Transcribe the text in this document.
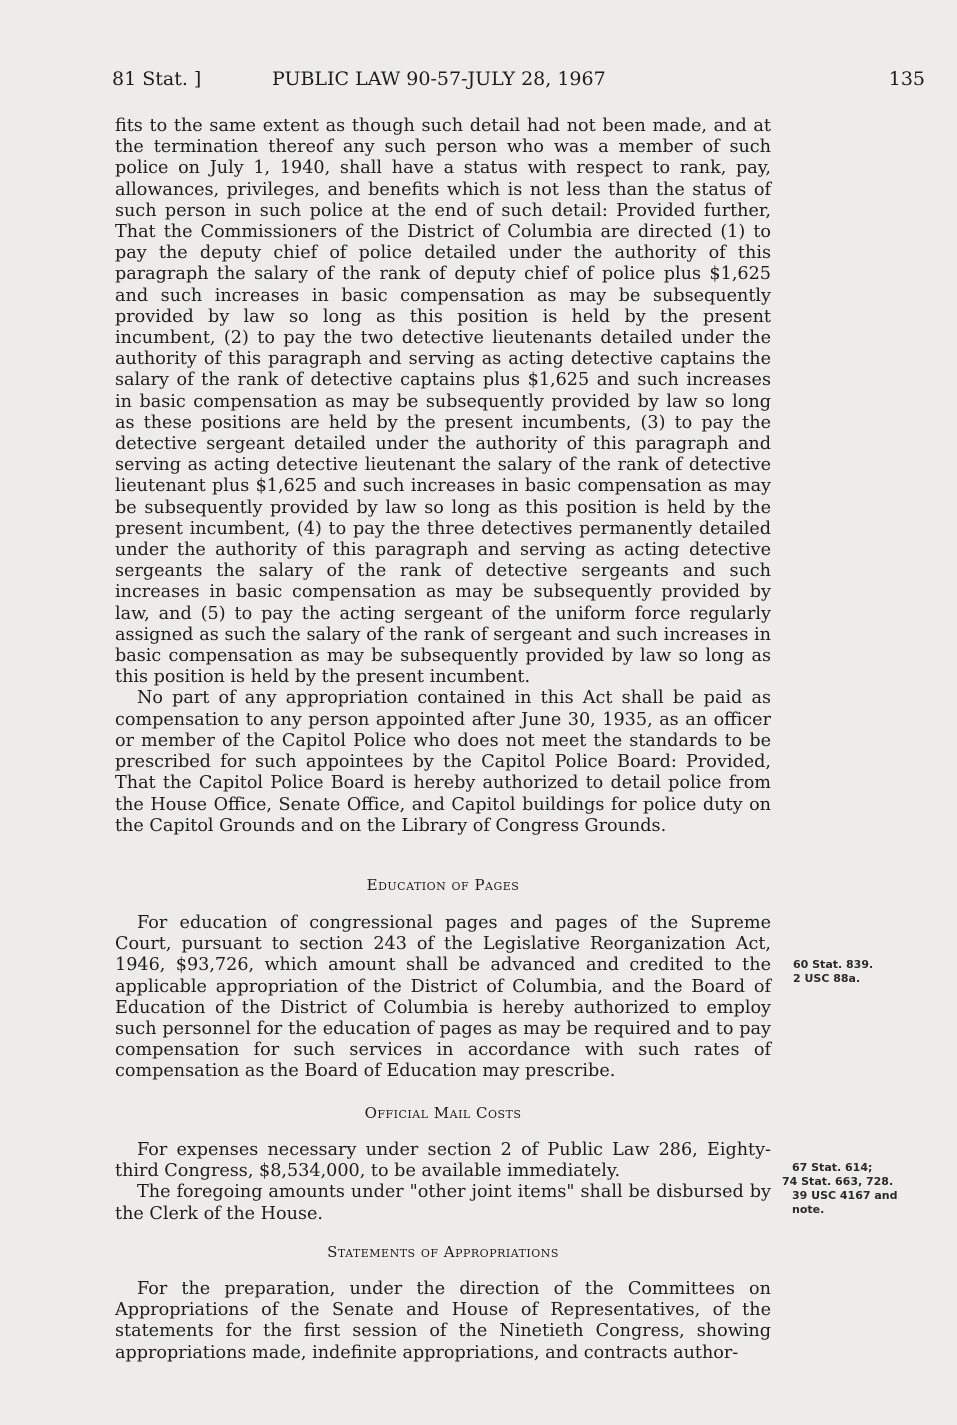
81 Stat. ]	PUBLIC LAW 90-57-JULY 28, 1967	135

fits to the same extent as though such detail had not been made, and at the termination thereof any such person who was a member of such police on July 1, 1940, shall have a status with respect to rank, pay, allowances, privileges, and benefits which is not less than the status of such person in such police at the end of such detail: Provided further, That the Commissioners of the District of Columbia are directed (1) to pay the deputy chief of police detailed under the authority of this paragraph the salary of the rank of deputy chief of police plus $1,625 and such increases in basic compensation as may be subsequently provided by law so long as this position is held by the present incumbent, (2) to pay the two detective lieutenants detailed under the authority of this paragraph and serving as acting detective captains the salary of the rank of detective captains plus $1,625 and such increases in basic compensation as may be subsequently provided by law so long as these positions are held by the present incumbents, (3) to pay the detective sergeant detailed under the authority of this paragraph and serving as acting detective lieutenant the salary of the rank of detective lieutenant plus $1,625 and such increases in basic compensation as may be subsequently provided by law so long as this position is held by the present incumbent, (4) to pay the three detectives permanently detailed under the authority of this paragraph and serving as acting detective sergeants the salary of the rank of detective sergeants and such increases in basic compensation as may be subsequently provided by law, and (5) to pay the acting sergeant of the uniform force regularly assigned as such the salary of the rank of sergeant and such increases in basic compensation as may be subsequently provided by law so long as this position is held by the present incumbent.

No part of any appropriation contained in this Act shall be paid as compensation to any person appointed after June 30, 1935, as an officer or member of the Capitol Police who does not meet the standards to be prescribed for such appointees by the Capitol Police Board: Provided, That the Capitol Police Board is hereby authorized to detail police from the House Office, Senate Office, and Capitol buildings for police duty on the Capitol Grounds and on the Library of Congress Grounds.

Education of Pages

For education of congressional pages and pages of the Supreme Court, pursuant to section 243 of the Legislative Reorganization Act, 1946, $93,726, which amount shall be advanced and credited to the applicable appropriation of the District of Columbia, and the Board of Education of the District of Columbia is hereby authorized to employ such personnel for the education of pages as may be required and to pay compensation for such services in accordance with such rates of compensation as the Board of Education may prescribe.

Official Mail Costs

For expenses necessary under section 2 of Public Law 286, Eighty-third Congress, $8,534,000, to be available immediately.

The foregoing amounts under "other joint items" shall be disbursed by the Clerk of the House.

Statements of Appropriations

For the preparation, under the direction of the Committees on Appropriations of the Senate and House of Representatives, of the statements for the first session of the Ninetieth Congress, showing appropriations made, indefinite appropriations, and contracts author-

60 Stat. 839.
2 USC 88a.
67 Stat. 614;
74 Stat. 663, 728.
39 USC 4167 and
note.
